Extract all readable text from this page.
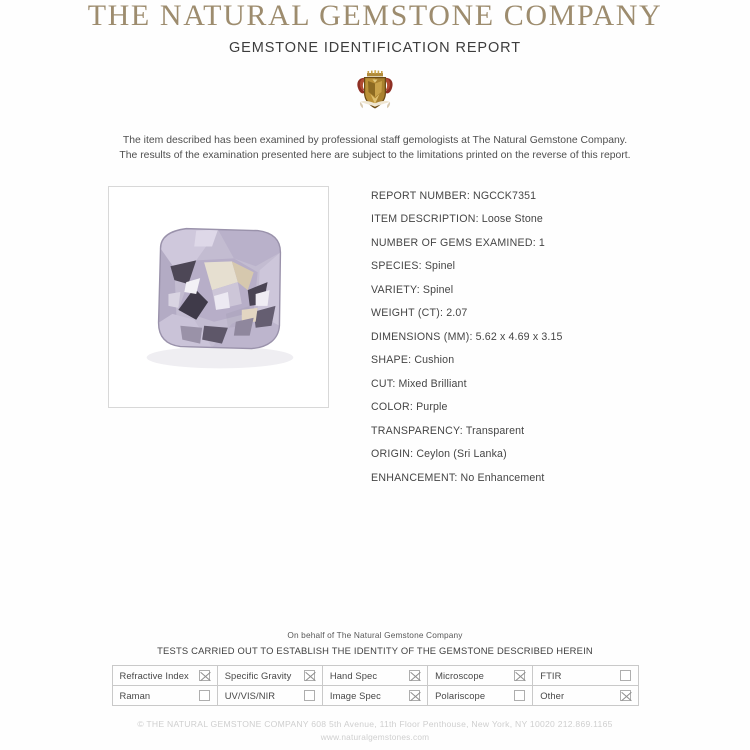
THE NATURAL GEMSTONE COMPANY
GEMSTONE IDENTIFICATION REPORT
The item described has been examined by professional staff gemologists at The Natural Gemstone Company.
The results of the examination presented here are subject to the limitations printed on the reverse of this report.
REPORT NUMBER: NGCCK7351
ITEM DESCRIPTION: Loose Stone
NUMBER OF GEMS EXAMINED: 1
SPECIES: Spinel
VARIETY: Spinel
WEIGHT (CT): 2.07
DIMENSIONS (MM): 5.62 x 4.69 x 3.15
SHAPE: Cushion
CUT: Mixed Brilliant
COLOR: Purple
TRANSPARENCY: Transparent
ORIGIN: Ceylon (Sri Lanka)
ENHANCEMENT: No Enhancement
On behalf of The Natural Gemstone Company
TESTS CARRIED OUT TO ESTABLISH THE IDENTITY OF THE GEMSTONE DESCRIBED HEREIN
Refractive Index	Specific Gravity	Hand Spec	Microscope	FTIR

Raman	UV/VIS/NIR	Image Spec	Polariscope	Other
© THE NATURAL GEMSTONE COMPANY 608 5th Avenue, 11th Floor Penthouse, New York, NY 10020 212.869.1165
www.naturalgemstones.com
